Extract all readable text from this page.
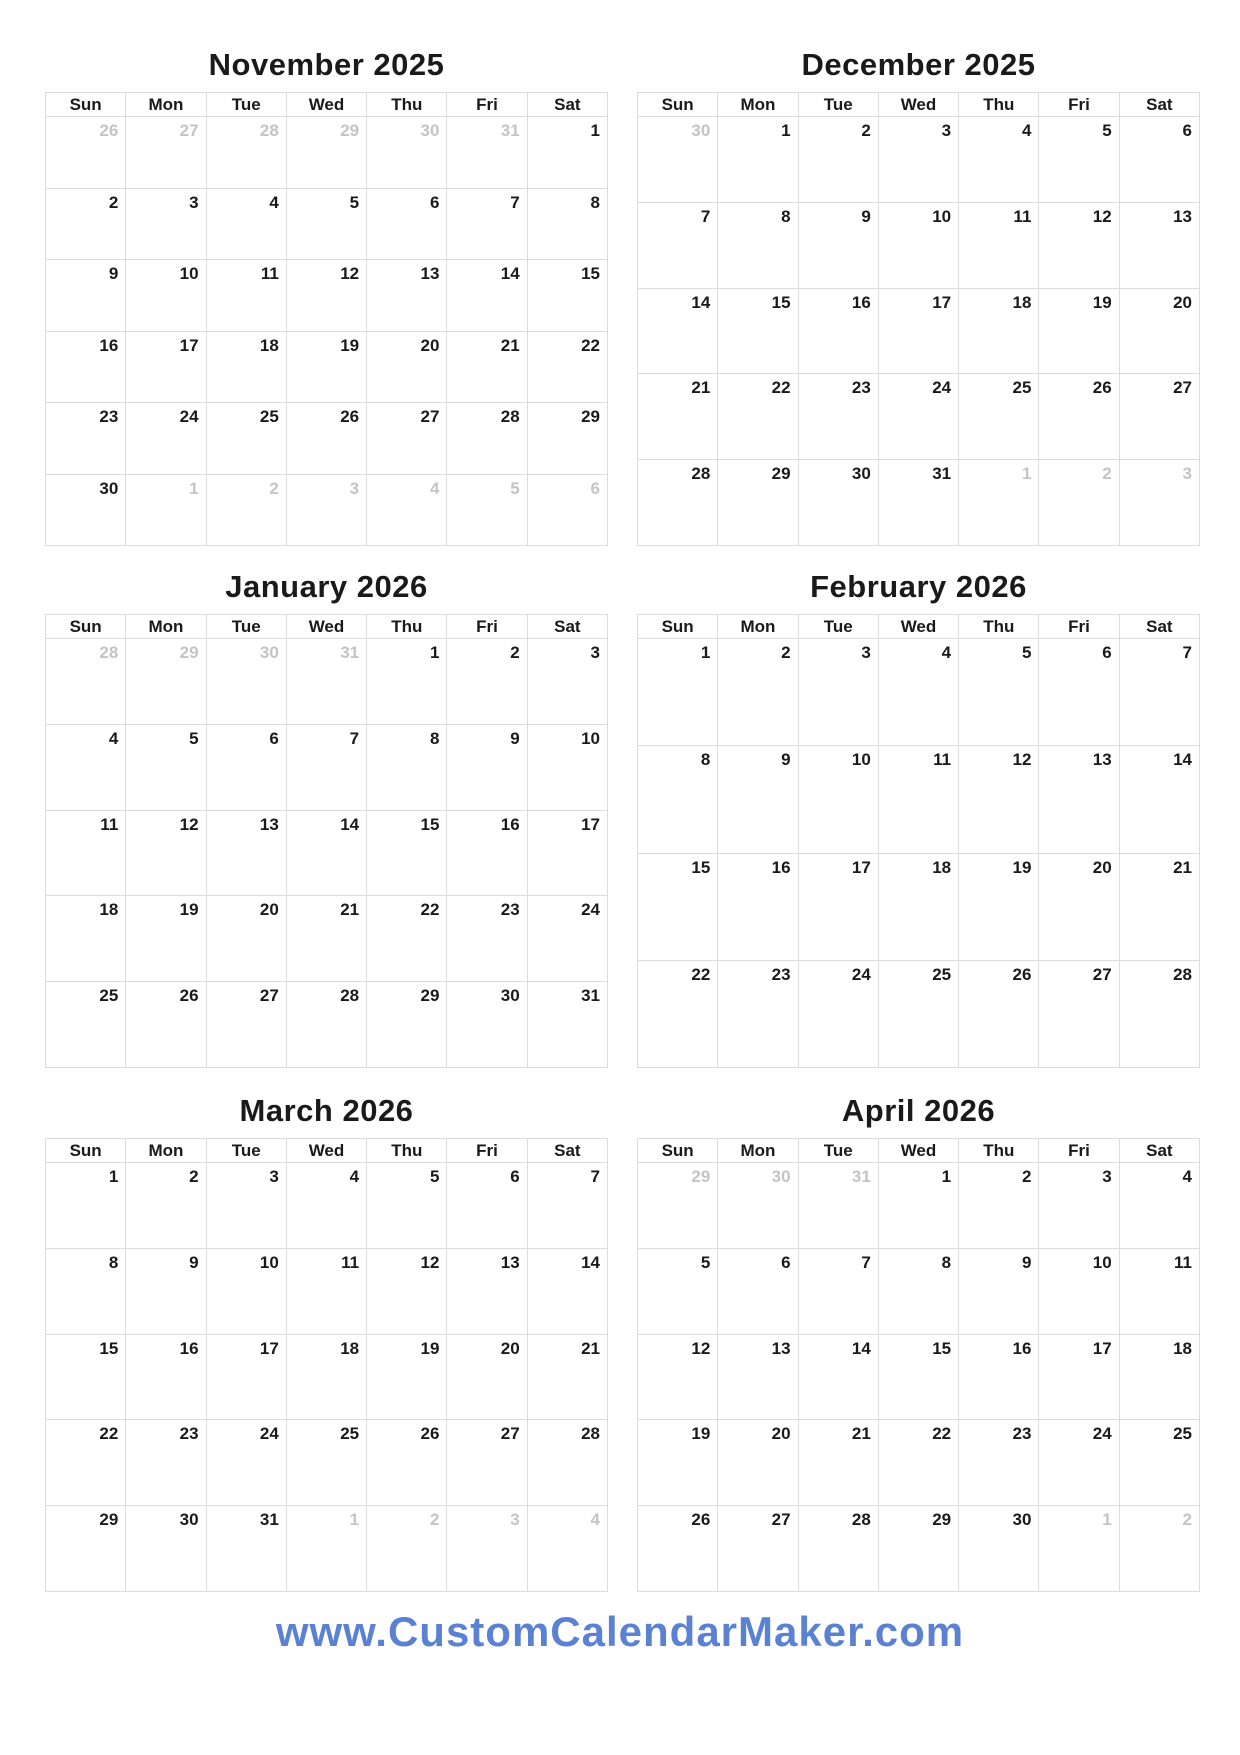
November 2025
Sun	Mon	Tue	Wed	Thu	Fri	Sat
26	27	28	29	30	31	1
2	3	4	5	6	7	8
9	10	11	12	13	14	15
16	17	18	19	20	21	22
23	24	25	26	27	28	29
30	1	2	3	4	5	6
December 2025
Sun	Mon	Tue	Wed	Thu	Fri	Sat
30	1	2	3	4	5	6
7	8	9	10	11	12	13
14	15	16	17	18	19	20
21	22	23	24	25	26	27
28	29	30	31	1	2	3
January 2026
Sun	Mon	Tue	Wed	Thu	Fri	Sat
28	29	30	31	1	2	3
4	5	6	7	8	9	10
11	12	13	14	15	16	17
18	19	20	21	22	23	24
25	26	27	28	29	30	31
February 2026
Sun	Mon	Tue	Wed	Thu	Fri	Sat
1	2	3	4	5	6	7
8	9	10	11	12	13	14
15	16	17	18	19	20	21
22	23	24	25	26	27	28
March 2026
Sun	Mon	Tue	Wed	Thu	Fri	Sat
1	2	3	4	5	6	7
8	9	10	11	12	13	14
15	16	17	18	19	20	21
22	23	24	25	26	27	28
29	30	31	1	2	3	4
April 2026
Sun	Mon	Tue	Wed	Thu	Fri	Sat
29	30	31	1	2	3	4
5	6	7	8	9	10	11
12	13	14	15	16	17	18
19	20	21	22	23	24	25
26	27	28	29	30	1	2
www.CustomCalendarMaker.com
